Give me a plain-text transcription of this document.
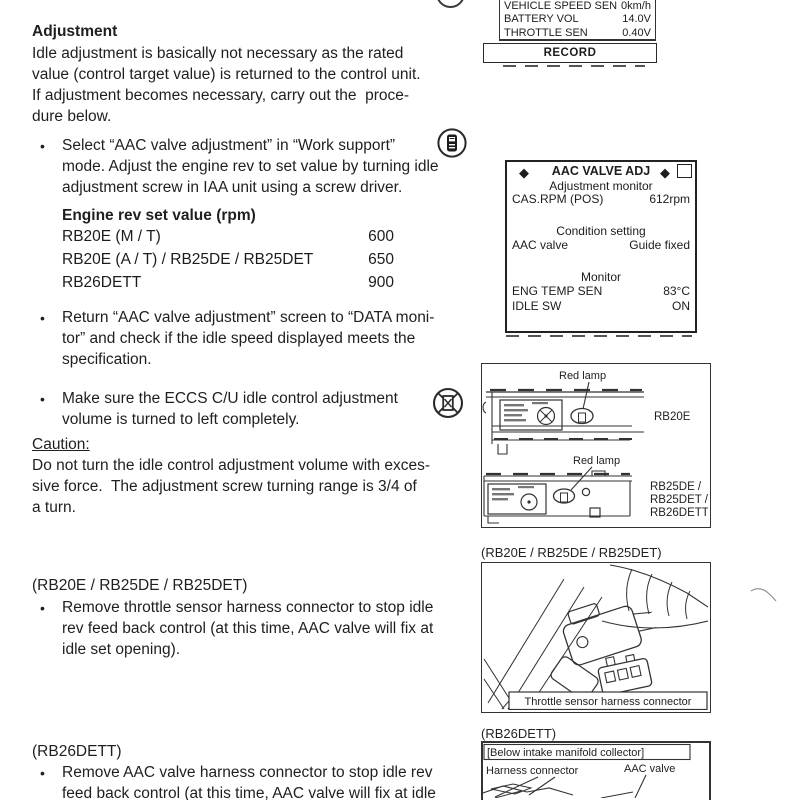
VEHICLE SPEED SEN 0km/h
BATTERY VOL	14.0V
THROTTLE SEN	0.40V
RECORD
Adjustment
Idle adjustment is basically not necessary as the rated
value (control target value) is returned to the control unit.
If adjustment becomes necessary, carry out the  proce-
dure below.
• Select “AAC valve adjustment” in “Work support”
mode. Adjust the engine rev to set value by turning idle
adjustment screw in IAA unit using a screw driver.
Engine rev set value (rpm)
RB20E (M / T)	600
RB20E (A / T) / RB25DE / RB25DET	650
RB26DETT	900
• Return “AAC valve adjustment” screen to “DATA moni-
tor” and check if the idle speed displayed meets the
specification.
• Make sure the ECCS C/U idle control adjustment
volume is turned to left completely.
Caution:
Do not turn the idle control adjustment volume with exces-
sive force.  The adjustment screw turning range is 3/4 of
a turn.
(RB20E / RB25DE / RB25DET)
• Remove throttle sensor harness connector to stop idle
rev feed back control (at this time, AAC valve will fix at
idle set opening).
(RB26DETT)
• Remove AAC valve harness connector to stop idle rev
feed back control (at this time, AAC valve will fix at idle
◆	AAC VALVE ADJ ◆
Adjustment monitor
CAS.RPM (POS)	612rpm
Condition setting
AAC valve	Guide fixed
Monitor
ENG TEMP SEN	83°C
IDLE SW	ON
Red lamp
RB20E
Red lamp
RB25DE /
RB25DET /
RB26DETT
(RB20E / RB25DE / RB25DET)
Throttle sensor harness connector
(RB26DETT)
[Below intake manifold collector]
Harness connector	AAC valve
